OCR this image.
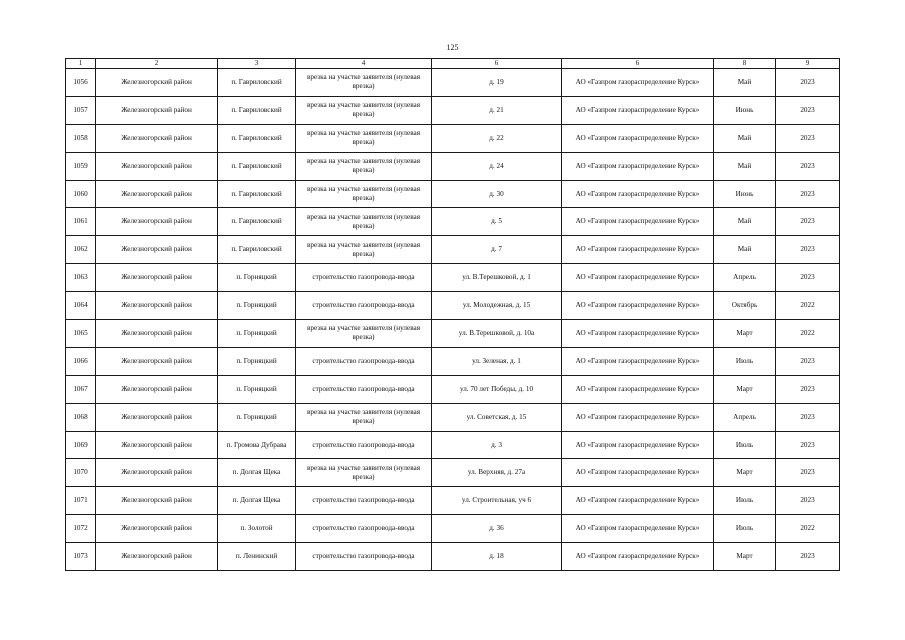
125
1	2	3	4	6	6	8	9
1056	Железногорский район	п. Гавриловский	врезка на участке заявителя (нулевая врезка)	д. 19	АО «Газпром газораспределение Курск»	Май	2023
1057	Железногорский район	п. Гавриловский	врезка на участке заявителя (нулевая врезка)	д. 21	АО «Газпром газораспределение Курск»	Июнь	2023
1058	Железногорский район	п. Гавриловский	врезка на участке заявителя (нулевая врезка)	д. 22	АО «Газпром газораспределение Курск»	Май	2023
1059	Железногорский район	п. Гавриловский	врезка на участке заявителя (нулевая врезка)	д. 24	АО «Газпром газораспределение Курск»	Май	2023
1060	Железногорский район	п. Гавриловский	врезка на участке заявителя (нулевая врезка)	д. 30	АО «Газпром газораспределение Курск»	Июнь	2023
1061	Железногорский район	п. Гавриловский	врезка на участке заявителя (нулевая врезка)	д. 5	АО «Газпром газораспределение Курск»	Май	2023
1062	Железногорский район	п. Гавриловский	врезка на участке заявителя (нулевая врезка)	д. 7	АО «Газпром газораспределение Курск»	Май	2023
1063	Железногорский район	п. Горняцкий	строительство газопровода-ввода	ул. В.Терешковой, д. 1	АО «Газпром газораспределение Курск»	Апрель	2023
1064	Железногорский район	п. Горняцкий	строительство газопровода-ввода	ул. Молодежная, д. 15	АО «Газпром газораспределение Курск»	Октябрь	2022
1065	Железногорский район	п. Горняцкий	врезка на участке заявителя (нулевая врезка)	ул. В.Терешковой, д. 10а	АО «Газпром газораспределение Курск»	Март	2022
1066	Железногорский район	п. Горняцкий	строительство газопровода-ввода	ул. Зеленая, д. 1	АО «Газпром газораспределение Курск»	Июль	2023
1067	Железногорский район	п. Горняцкий	строительство газопровода-ввода	ул. 70 лет Победы, д. 10	АО «Газпром газораспределение Курск»	Март	2023
1068	Железногорский район	п. Горняцкий	врезка на участке заявителя (нулевая врезка)	ул. Советская, д. 15	АО «Газпром газораспределение Курск»	Апрель	2023
1069	Железногорский район	п. Громова Дубрава	строительство газопровода-ввода	д. 3	АО «Газпром газораспределение Курск»	Июль	2023
1070	Железногорский район	п. Долгая Щека	врезка на участке заявителя (нулевая врезка)	ул. Верхняя, д. 27а	АО «Газпром газораспределение Курск»	Март	2023
1071	Железногорский район	п. Долгая Щека	строительство газопровода-ввода	ул. Строительная, уч 6	АО «Газпром газораспределение Курск»	Июль	2023
1072	Железногорский район	п. Золотой	строительство газопровода-ввода	д. 36	АО «Газпром газораспределение Курск»	Июль	2022
1073	Железногорский район	п. Ленинский	строительство газопровода-ввода	д. 18	АО «Газпром газораспределение Курск»	Март	2023
